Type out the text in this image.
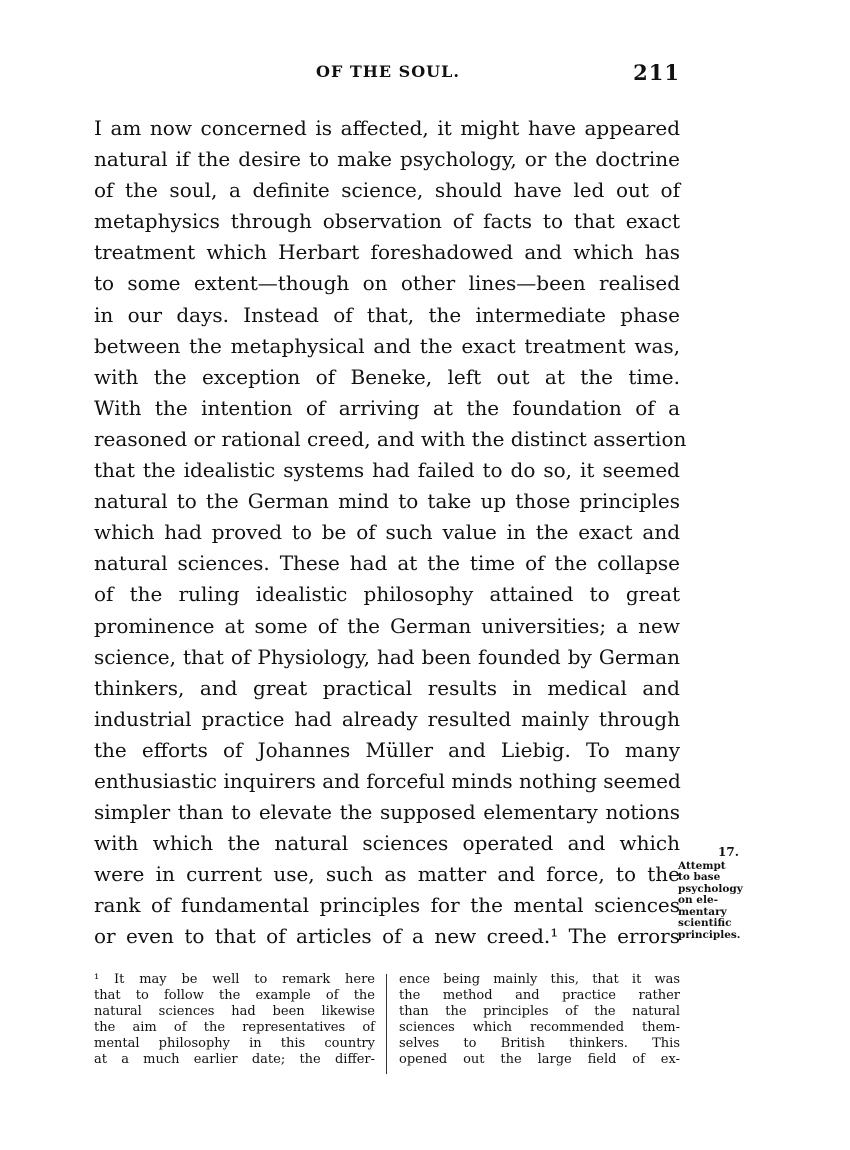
OF THE SOUL.	211
I am now concerned is affected, it might have appeared
natural if the desire to make psychology, or the doctrine
of the soul, a definite science, should have led out of
metaphysics through observation of facts to that exact
treatment which Herbart foreshadowed and which has
to some extent—though on other lines—been realised
in our days. Instead of that, the intermediate phase
between the metaphysical and the exact treatment was,
with the exception of Beneke, left out at the time.
With the intention of arriving at the foundation of a
reasoned or rational creed, and with the distinct assertion
that the idealistic systems had failed to do so, it seemed
natural to the German mind to take up those principles
which had proved to be of such value in the exact and
natural sciences. These had at the time of the collapse
of the ruling idealistic philosophy attained to great
prominence at some of the German universities; a new
science, that of Physiology, had been founded by German
thinkers, and great practical results in medical and
industrial practice had already resulted mainly through
the efforts of Johannes Müller and Liebig. To many
enthusiastic inquirers and forceful minds nothing seemed
simpler than to elevate the supposed elementary notions
with which the natural sciences operated and which
were in current use, such as matter and force, to the
rank of fundamental principles for the mental sciences
or even to that of articles of a new creed.¹ The errors
17.
Attempt
to base
psychology
on ele-
mentary
scientific
principles.
¹ It may be well to remark here
that to follow the example of the
natural sciences had been likewise
the aim of the representatives of
mental philosophy in this country
at a much earlier date; the differ-
ence being mainly this, that it was
the method and practice rather
than the principles of the natural
sciences which recommended them-
selves to British thinkers. This
opened out the large field of ex-
